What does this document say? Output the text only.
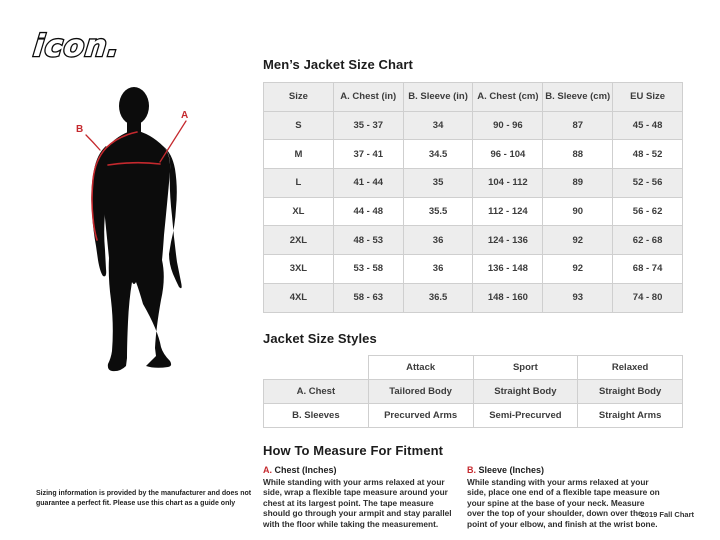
icon.
A
B
Sizing information is provided by the manufacturer and does not guarantee a perfect fit. Please use this chart as a guide only
Men’s Jacket Size Chart
Size	A. Chest (in)	B. Sleeve (in)	A. Chest (cm)	B. Sleeve (cm)	EU Size
S	35 - 37	34	90 - 96	87	45 - 48
M	37 - 41	34.5	96 - 104	88	48 - 52
L	41 - 44	35	104 - 112	89	52 - 56
XL	44 - 48	35.5	112 - 124	90	56 - 62
2XL	48 - 53	36	124 - 136	92	62 - 68
3XL	53 - 58	36	136 - 148	92	68 - 74
4XL	58 - 63	36.5	148 - 160	93	74 - 80
Jacket Size Styles
	Attack	Sport	Relaxed
A. Chest	Tailored Body	Straight Body	Straight Body
B. Sleeves	Precurved Arms	Semi-Precurved	Straight Arms
How To Measure For Fitment
A. Chest (Inches)
While standing with your arms relaxed at your side, wrap a flexible tape measure around your chest at its largest point. The tape measure should go through your armpit and stay parallel with the floor while taking the measurement.
B. Sleeve (Inches)
While standing with your arms relaxed at your side, place one end of a flexible tape measure on your spine at the base of your neck. Measure over the top of your shoulder, down over the point of your elbow, and finish at the wrist bone.
2019 Fall Chart
